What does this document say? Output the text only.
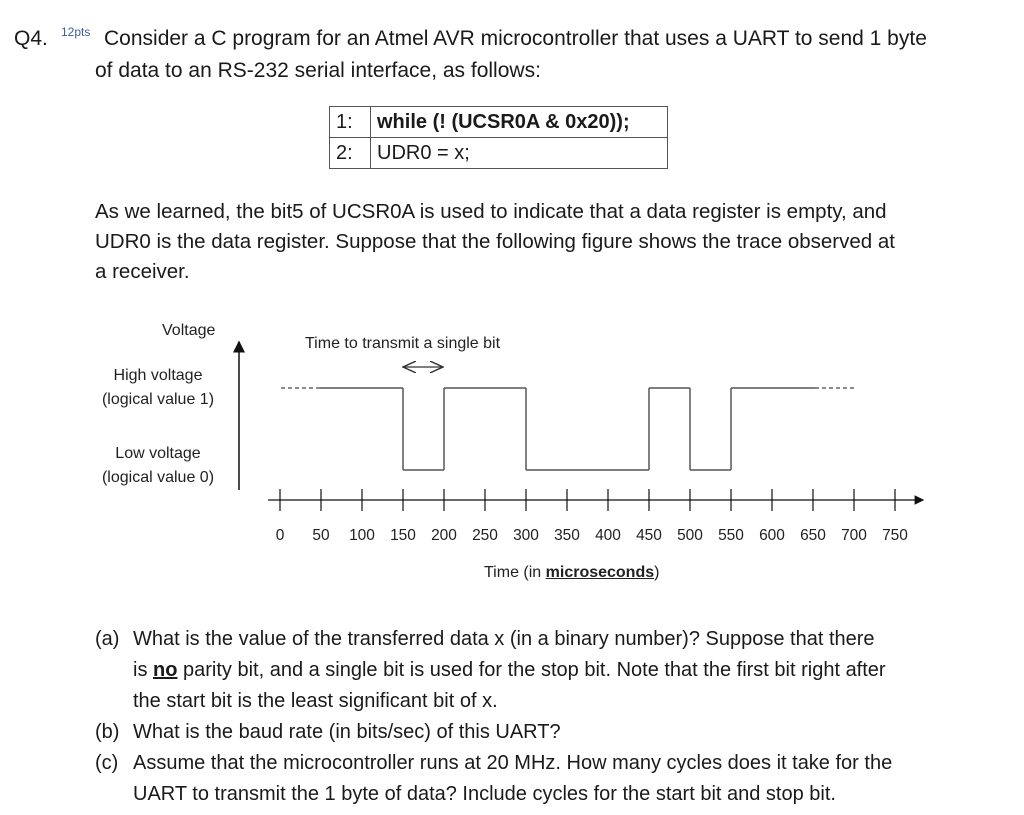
Q4. 12pts Consider a C program for an Atmel AVR microcontroller that uses a UART to send 1 byte
of data to an RS-232 serial interface, as follows:
1:	while (! (UCSR0A & 0x20));
2:	UDR0 = x;
As we learned, the bit5 of UCSR0A is used to indicate that a data register is empty, and
UDR0 is the data register. Suppose that the following figure shows the trace observed at
a receiver.
Voltage
Time to transmit a single bit
High voltage
(logical value 1)
Low voltage
(logical value 0)
0	50	100 150 200 250 300 350 400 450 500 550 600 650 700 750
Time (in microseconds)
(a) What is the value of the transferred data x (in a binary number)? Suppose that there
is no parity bit, and a single bit is used for the stop bit. Note that the first bit right after
the start bit is the least significant bit of x.
(b) What is the baud rate (in bits/sec) of this UART?
(c) Assume that the microcontroller runs at 20 MHz. How many cycles does it take for the
UART to transmit the 1 byte of data? Include cycles for the start bit and stop bit.
